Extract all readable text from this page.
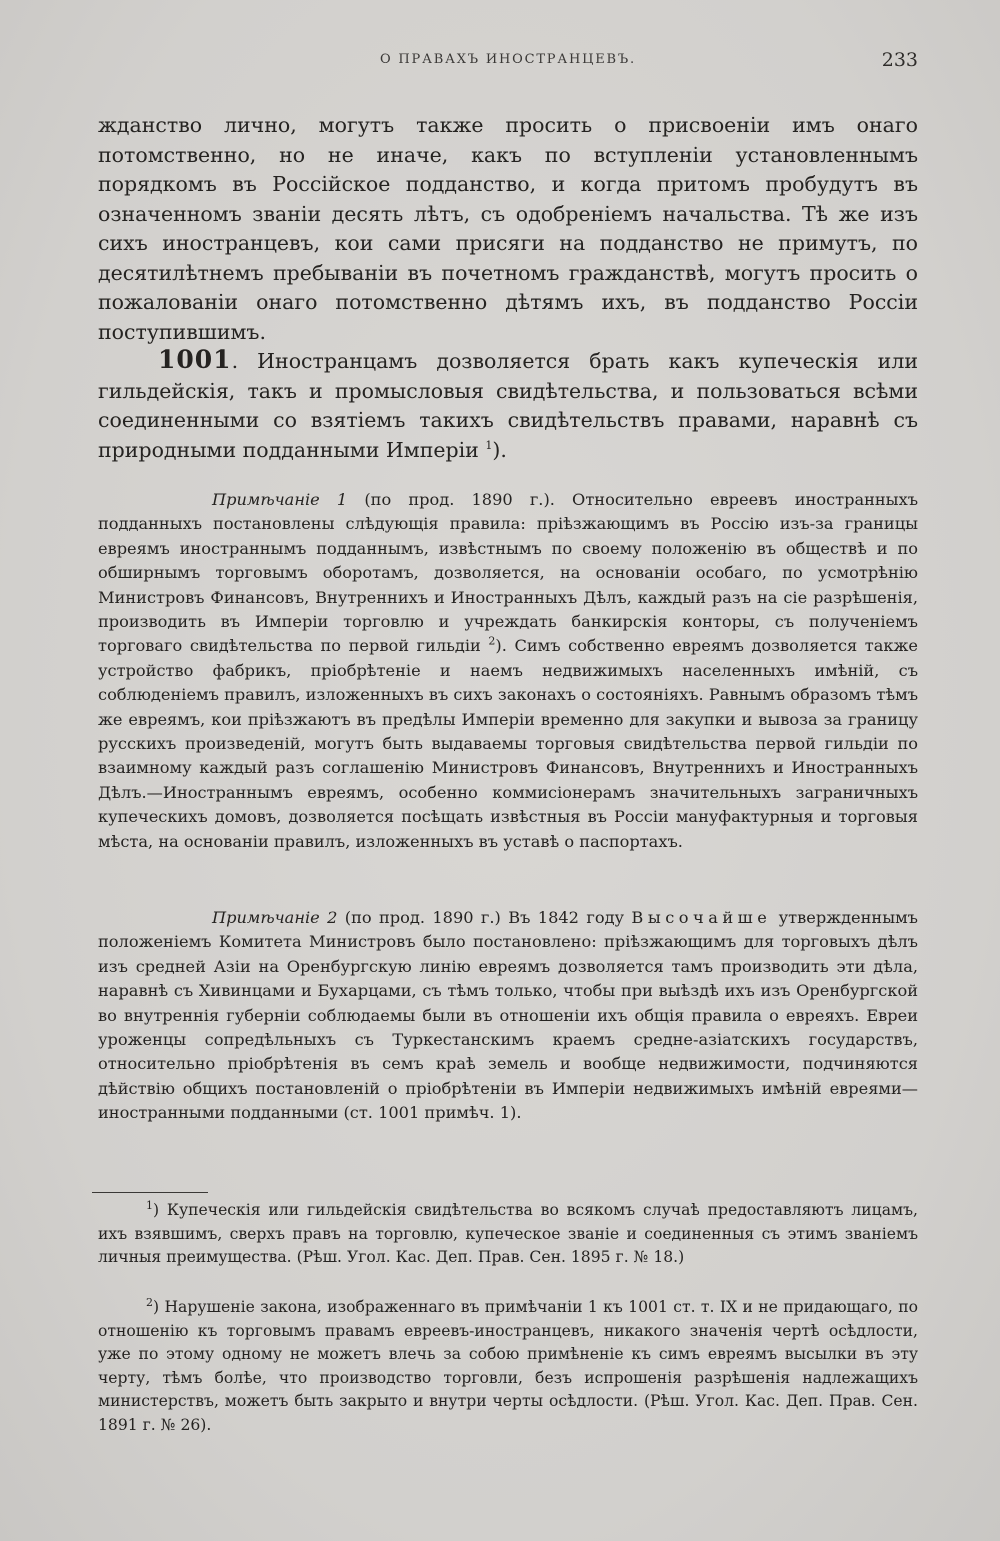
О ПРАВАХЪ ИНОСТРАНЦЕВЪ.	233

жданство лично, могутъ также просить о присвоенiи имъ онаго потомственно, но не иначе, какъ по вступленiи установленнымъ порядкомъ въ Россiйское подданство, и когда притомъ пробудутъ въ означенномъ званiи десять лѣтъ, съ одобренiемъ начальства. Тѣ же изъ сихъ иностранцевъ, кои сами присяги на подданство не примутъ, по десятилѣтнемъ пребыванiи въ почетномъ гражданствѣ, могутъ просить о пожалованiи онаго потомственно дѣтямъ ихъ, въ подданство Россiи поступившимъ.

1001. Иностранцамъ дозволяется брать какъ купеческiя или гильдейскiя, такъ и промысловыя свидѣтельства, и пользоваться всѣми соединенными со взятiемъ такихъ свидѣтельствъ правами, наравнѣ съ природными подданными Имперiи $^1$).

Примѣчанiе 1 (по прод. 1890 г.). Относительно евреевъ иностранныхъ подданныхъ постановлены слѣдующiя правила: прiѣзжающимъ въ Россiю изъ-за границы евреямъ иностраннымъ подданнымъ, извѣстнымъ по своему положенiю въ обществѣ и по обширнымъ торговымъ оборотамъ, дозволяется, на основанiи особаго, по усмотрѣнiю Министровъ Финансовъ, Внутреннихъ и Иностранныхъ Дѣлъ, каждый разъ на сiе разрѣшенiя, производить въ Имперiи торговлю и учреждать банкирскiя конторы, съ полученiемъ торговаго свидѣтельства по первой гильдiи $^2$). Симъ собственно евреямъ дозволяется также устройство фабрикъ, прiобрѣтенiе и наемъ недвижимыхъ населенныхъ имѣнiй, съ соблюденiемъ правилъ, изложенныхъ въ сихъ законахъ о состоянiяхъ. Равнымъ образомъ тѣмъ же евреямъ, кои прiѣзжаютъ въ предѣлы Имперiи временно для закупки и вывоза за границу русскихъ произведенiй, могутъ быть выдаваемы торговыя свидѣтельства первой гильдiи по взаимному каждый разъ соглашенiю Министровъ Финансовъ, Внутреннихъ и Иностранныхъ Дѣлъ.—Иностраннымъ евреямъ, особенно коммисiонерамъ значительныхъ заграничныхъ купеческихъ домовъ, дозволяется посѣщать извѣстныя въ Россiи мануфактурныя и торговыя мѣста, на основанiи правилъ, изложенныхъ въ уставѣ о паспортахъ.

Примѣчанiе 2 (по прод. 1890 г.) Въ 1842 году Высочайше утвержденнымъ положенiемъ Комитета Министровъ было постановлено: прiѣзжающимъ для торговыхъ дѣлъ изъ средней Азiи на Оренбургскую линiю евреямъ дозволяется тамъ производить эти дѣла, наравнѣ съ Хивинцами и Бухарцами, съ тѣмъ только, чтобы при выѣздѣ ихъ изъ Оренбургской во внутреннiя губернiи соблюдаемы были въ отношенiи ихъ общiя правила о евреяхъ. Евреи уроженцы сопредѣльныхъ съ Туркестанскимъ краемъ средне-азiатскихъ государствъ, относительно прiобрѣтенiя въ семъ краѣ земель и вообще недвижимости, подчиняются дѣйствiю общихъ постановленiй о прiобрѣтенiи въ Имперiи недвижимыхъ имѣнiй евреями—иностранными подданными (ст. 1001 примѣч. 1).

$^1$) Купеческiя или гильдейскiя свидѣтельства во всякомъ случаѣ предоставляютъ лицамъ, ихъ взявшимъ, сверхъ правъ на торговлю, купеческое званiе и соединенныя съ этимъ званiемъ личныя преимущества. (Рѣш. Угол. Кас. Деп. Прав. Сен. 1895 г. № 18.)

$^2$) Нарушенiе закона, изображеннаго въ примѣчанiи 1 къ 1001 ст. т. IX и не придающаго, по отношенiю къ торговымъ правамъ евреевъ-иностранцевъ, никакого значенiя чертѣ осѣдлости, уже по этому одному не можетъ влечь за собою примѣненiе къ симъ евреямъ высылки въ эту черту, тѣмъ болѣе, что производство торговли, безъ испрошенiя разрѣшенiя надлежащихъ министерствъ, можетъ быть закрыто и внутри черты осѣдлости. (Рѣш. Угол. Кас. Деп. Прав. Сен. 1891 г. № 26).
